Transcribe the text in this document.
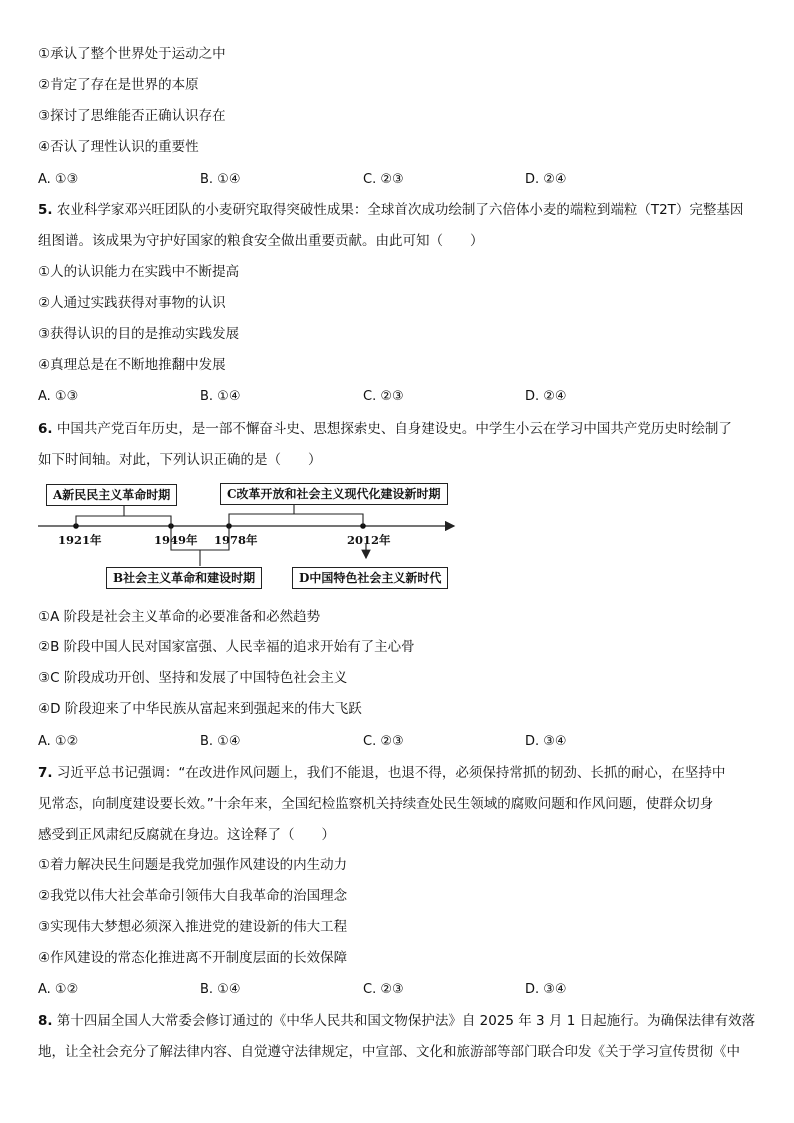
①承认了整个世界处于运动之中
②肯定了存在是世界的本原
③探讨了思维能否正确认识存在
④否认了理性认识的重要性
A. ①③	B. ①④	C. ②③	D. ②④
5. 农业科学家邓兴旺团队的小麦研究取得突破性成果：全球首次成功绘制了六倍体小麦的端粒到端粒（T2T）完整基因
组图谱。该成果为守护好国家的粮食安全做出重要贡献。由此可知（　　）
①人的认识能力在实践中不断提高
②人通过实践获得对事物的认识
③获得认识的目的是推动实践发展
④真理总是在不断地推翻中发展
A. ①③	B. ①④	C. ②③	D. ②④
6. 中国共产党百年历史，是一部不懈奋斗史、思想探索史、自身建设史。中学生小云在学习中国共产党历史时绘制了
如下时间轴。对此，下列认识正确的是（　　）
A新民民主义革命时期	C改革开放和社会主义现代化建设新时期
B社会主义革命和建设时期	D中国特色社会主义新时代
1921年	1949年 1978年	2012年
①A 阶段是社会主义革命的必要准备和必然趋势
②B 阶段中国人民对国家富强、人民幸福的追求开始有了主心骨
③C 阶段成功开创、坚持和发展了中国特色社会主义
④D 阶段迎来了中华民族从富起来到强起来的伟大飞跃
A. ①②	B. ①④	C. ②③	D. ③④
7. 习近平总书记强调：“在改进作风问题上，我们不能退，也退不得，必须保持常抓的韧劲、长抓的耐心，在坚持中
见常态，向制度建设要长效。”十余年来，全国纪检监察机关持续查处民生领域的腐败问题和作风问题，使群众切身
感受到正风肃纪反腐就在身边。这诠释了（　　）
①着力解决民生问题是我党加强作风建设的内生动力
②我党以伟大社会革命引领伟大自我革命的治国理念
③实现伟大梦想必须深入推进党的建设新的伟大工程
④作风建设的常态化推进离不开制度层面的长效保障
A. ①②	B. ①④	C. ②③	D. ③④
8. 第十四届全国人大常委会修订通过的《中华人民共和国文物保护法》自 2025 年 3 月 1 日起施行。为确保法律有效落
地，让全社会充分了解法律内容、自觉遵守法律规定，中宣部、文化和旅游部等部门联合印发《关于学习宣传贯彻《中
